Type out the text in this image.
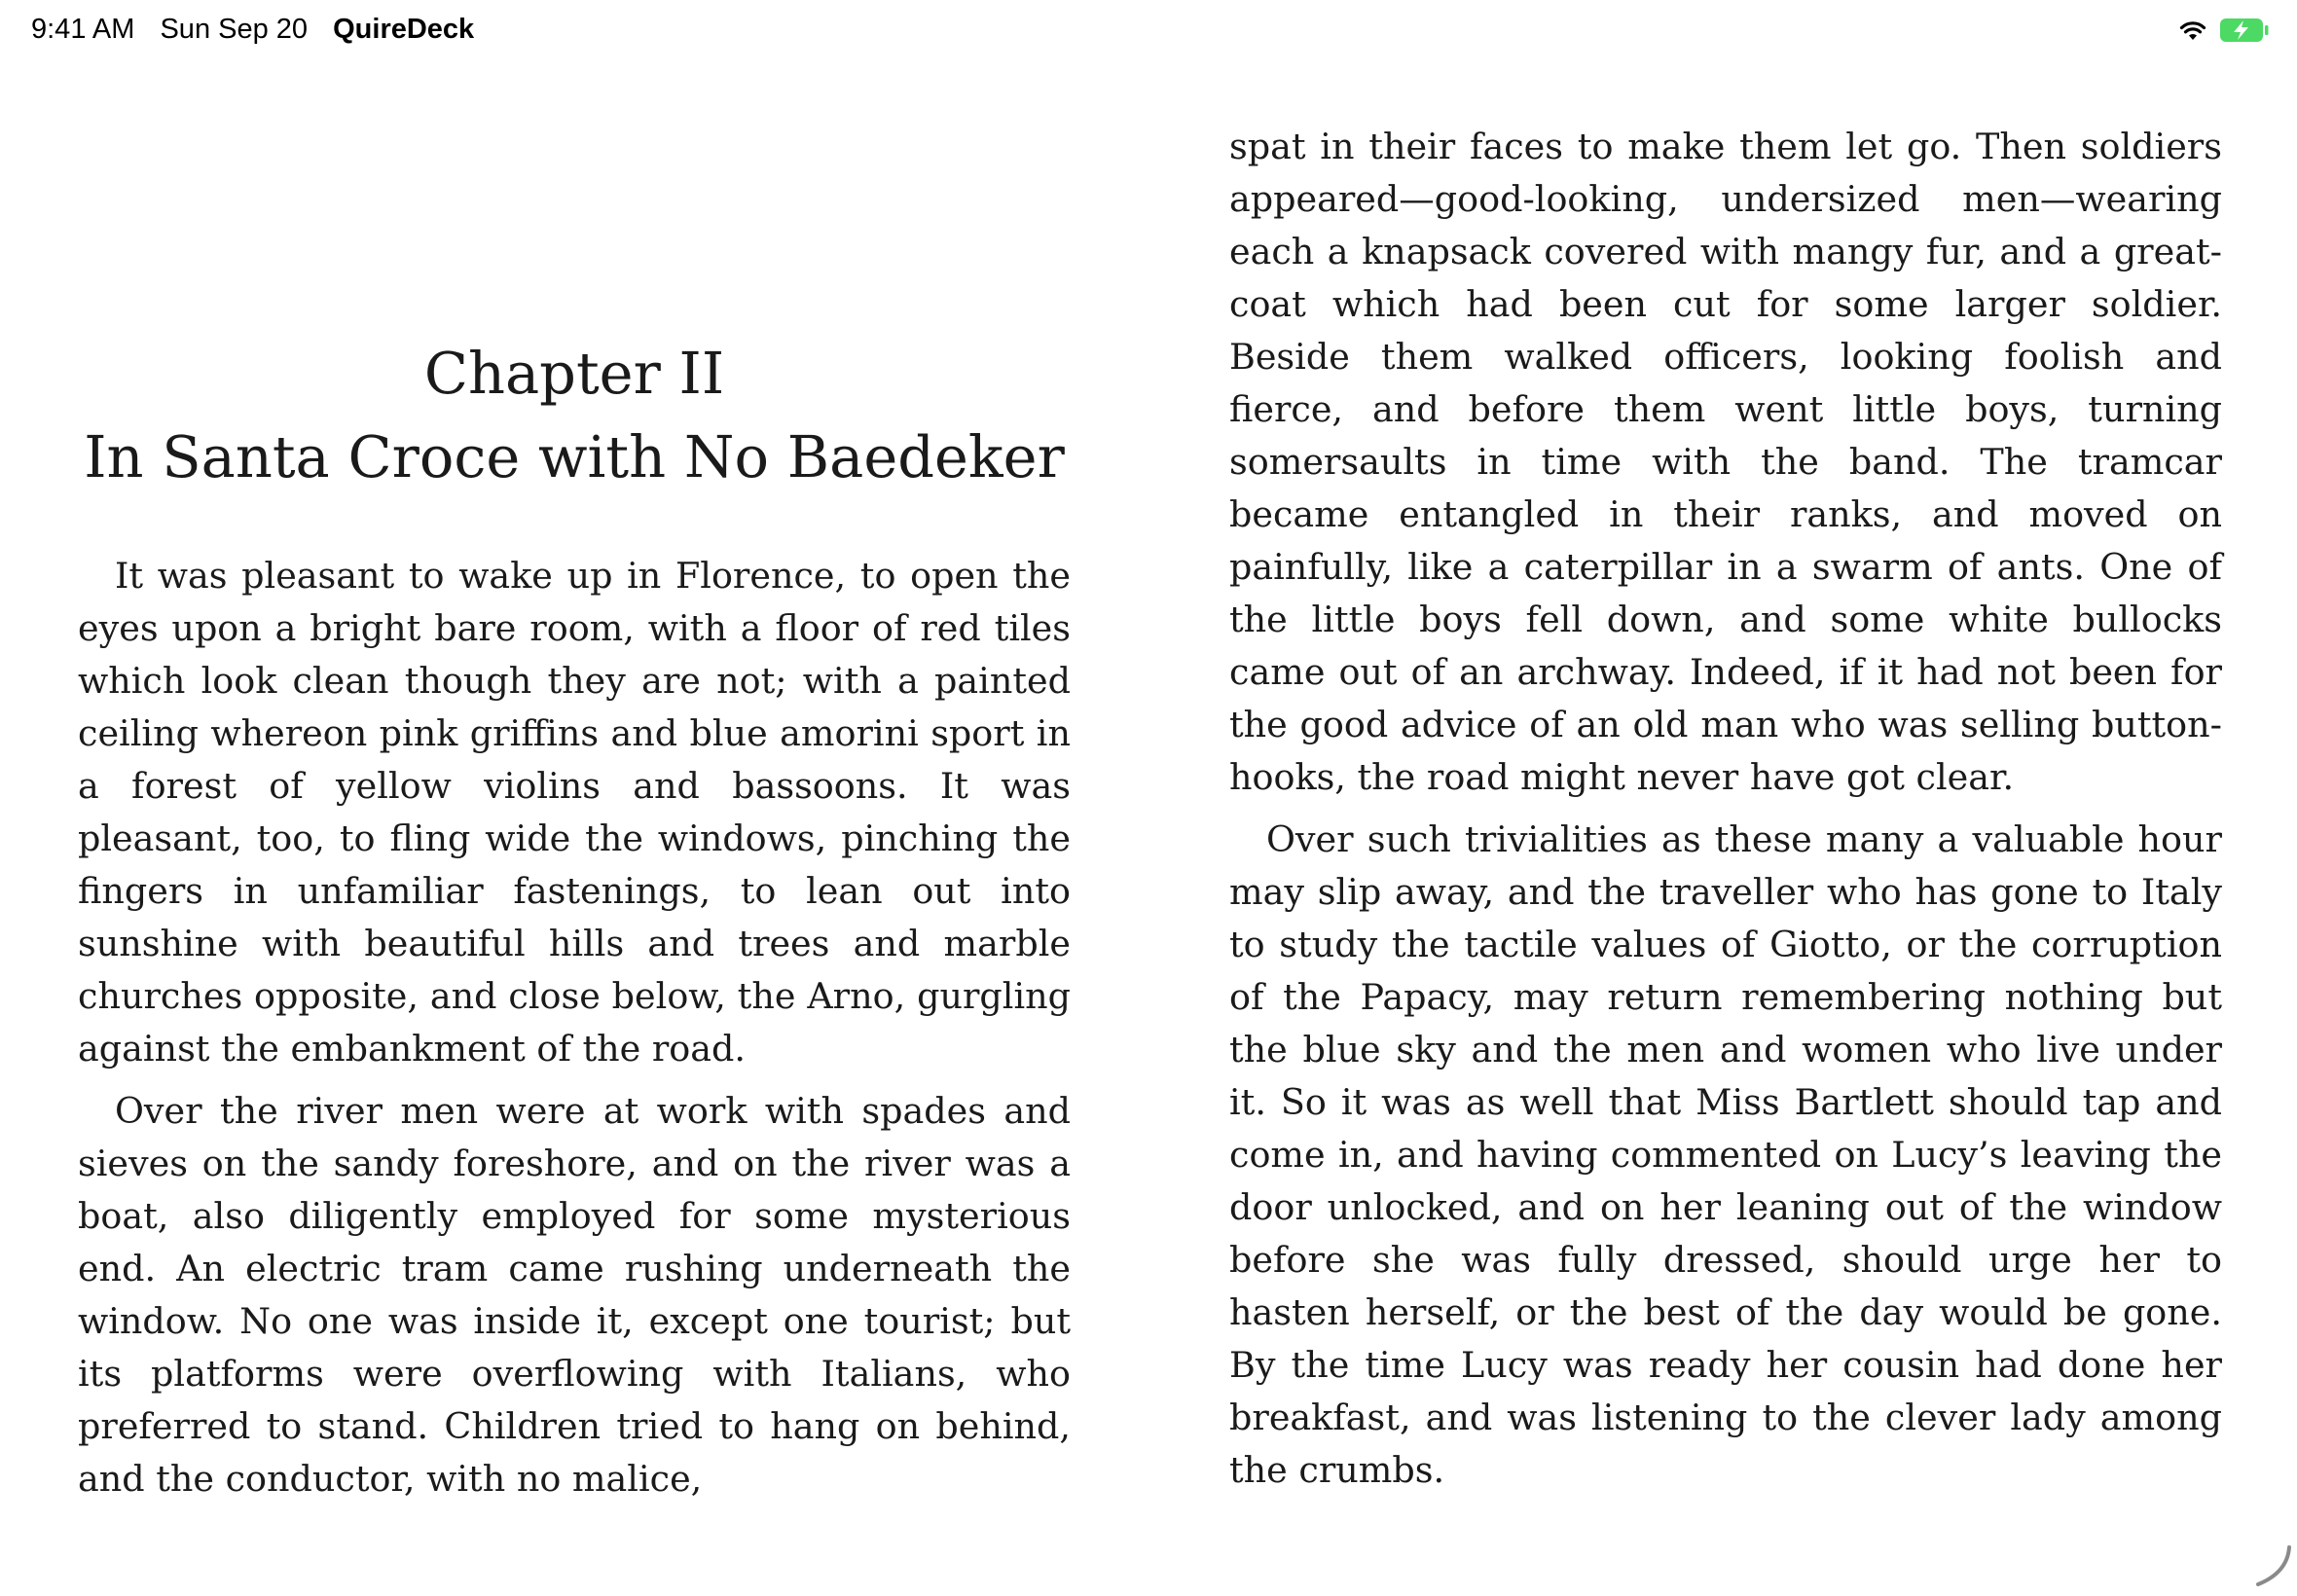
9:41 AM Sun Sep 20 QuireDeck
Chapter II
In Santa Croce with No Baedeker

It was pleasant to wake up in Florence, to open the eyes upon a bright bare room, with a floor of red tiles which look clean though they are not; with a painted ceiling whereon pink griffins and blue amorini sport in a forest of yellow violins and bassoons. It was pleasant, too, to fling wide the windows, pinching the fingers in unfamiliar fastenings, to lean out into sunshine with beautiful hills and trees and marble churches opposite, and close below, the Arno, gurgling against the embankment of the road.

Over the river men were at work with spades and sieves on the sandy foreshore, and on the river was a boat, also diligently employed for some mysterious end. An electric tram came rushing underneath the window. No one was inside it, except one tourist; but its platforms were overflowing with Italians, who preferred to stand. Children tried to hang on behind, and the conductor, with no malice,

spat in their faces to make them let go. Then soldiers appeared—good-looking, undersized men—wearing each a knapsack covered with mangy fur, and a great-coat which had been cut for some larger soldier. Beside them walked officers, looking foolish and fierce, and before them went little boys, turning somersaults in time with the band. The tramcar became entangled in their ranks, and moved on painfully, like a caterpillar in a swarm of ants. One of the little boys fell down, and some white bullocks came out of an archway. Indeed, if it had not been for the good advice of an old man who was selling button-hooks, the road might never have got clear.

Over such trivialities as these many a valuable hour may slip away, and the traveller who has gone to Italy to study the tactile values of Giotto, or the corruption of the Papacy, may return remembering nothing but the blue sky and the men and women who live under it. So it was as well that Miss Bartlett should tap and come in, and having commented on Lucy’s leaving the door unlocked, and on her leaning out of the window before she was fully dressed, should urge her to hasten herself, or the best of the day would be gone. By the time Lucy was ready her cousin had done her breakfast, and was listening to the clever lady among the crumbs.
